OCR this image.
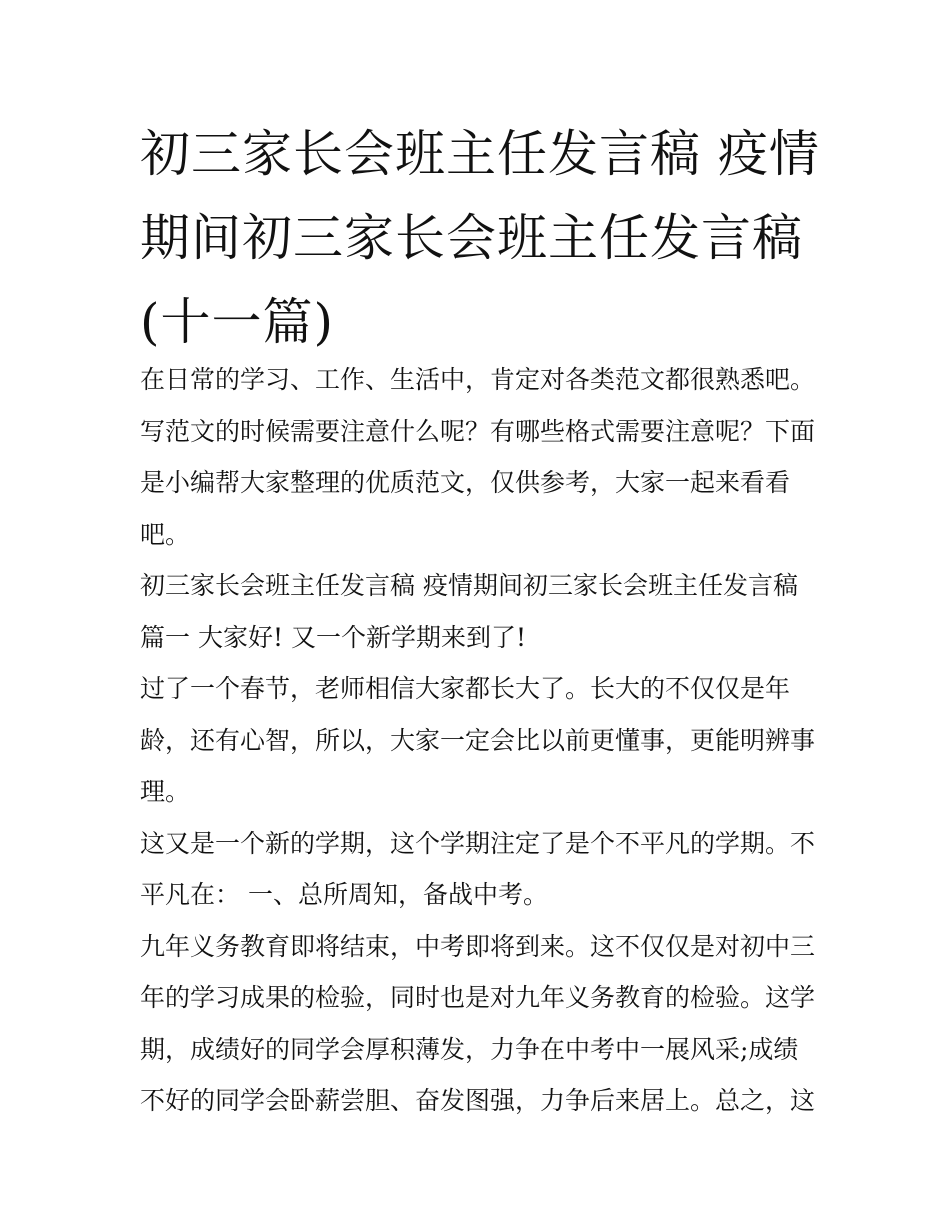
初三家长会班主任发言稿 疫情期间初三家长会班主任发言稿(十一篇)

在日常的学习、工作、生活中，肯定对各类范文都很熟悉吧。写范文的时候需要注意什么呢？有哪些格式需要注意呢？下面是小编帮大家整理的优质范文，仅供参考，大家一起来看看吧。

初三家长会班主任发言稿 疫情期间初三家长会班主任发言稿篇一 大家好! 又一个新学期来到了!

过了一个春节，老师相信大家都长大了。长大的不仅仅是年龄，还有心智，所以，大家一定会比以前更懂事，更能明辨事理。

这又是一个新的学期，这个学期注定了是个不平凡的学期。不平凡在： 一、总所周知，备战中考。

九年义务教育即将结束，中考即将到来。这不仅仅是对初中三年的学习成果的检验，同时也是对九年义务教育的检验。这学期，成绩好的同学会厚积薄发，力争在中考中一展风采;成绩不好的同学会卧薪尝胆、奋发图强，力争后来居上。总之，这
